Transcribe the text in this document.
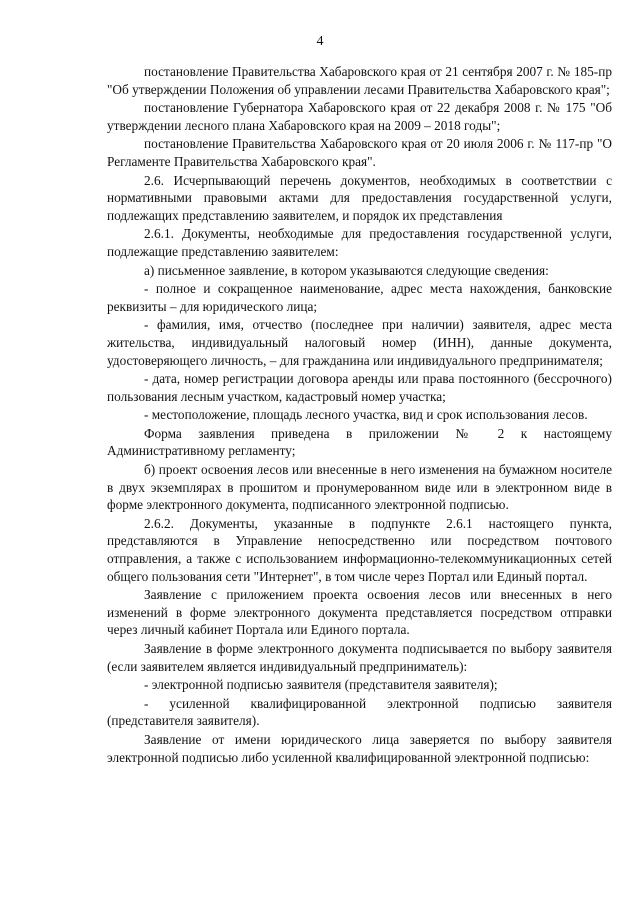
4

постановление Правительства Хабаровского края от 21 сентября 2007 г. № 185-пр "Об утверждении Положения об управлении лесами Правительства Хабаровского края";

постановление Губернатора Хабаровского края от 22 декабря 2008 г. № 175 "Об утверждении лесного плана Хабаровского края на 2009 – 2018 годы";

постановление Правительства Хабаровского края от 20 июля 2006 г. № 117-пр "О Регламенте Правительства Хабаровского края".

2.6. Исчерпывающий перечень документов, необходимых в соответствии с нормативными правовыми актами для предоставления государственной услуги, подлежащих представлению заявителем, и порядок их представления

2.6.1. Документы, необходимые для предоставления государственной услуги, подлежащие представлению заявителем:

а) письменное заявление, в котором указываются следующие сведения:

- полное и сокращенное наименование, адрес места нахождения, банковские реквизиты – для юридического лица;

- фамилия, имя, отчество (последнее при наличии) заявителя, адрес места жительства, индивидуальный налоговый номер (ИНН), данные документа, удостоверяющего личность, – для гражданина или индивидуального предпринимателя;

- дата, номер регистрации договора аренды или права постоянного (бессрочного) пользования лесным участком, кадастровый номер участка;

- местоположение, площадь лесного участка, вид и срок использования лесов.

Форма заявления приведена в приложении № 2 к настоящему Административному регламенту;

б) проект освоения лесов или внесенные в него изменения на бумажном носителе в двух экземплярах в прошитом и пронумерованном виде или в электронном виде в форме электронного документа, подписанного электронной подписью.

2.6.2. Документы, указанные в подпункте 2.6.1 настоящего пункта, представляются в Управление непосредственно или посредством почтового отправления, а также с использованием информационно-телекоммуникационных сетей общего пользования сети "Интернет", в том числе через Портал или Единый портал.

Заявление с приложением проекта освоения лесов или внесенных в него изменений в форме электронного документа представляется посредством отправки через личный кабинет Портала или Единого портала.

Заявление в форме электронного документа подписывается по выбору заявителя (если заявителем является индивидуальный предприниматель):

- электронной подписью заявителя (представителя заявителя);

- усиленной квалифицированной электронной подписью заявителя (представителя заявителя).

Заявление от имени юридического лица заверяется по выбору заявителя электронной подписью либо усиленной квалифицированной электронной подписью:
